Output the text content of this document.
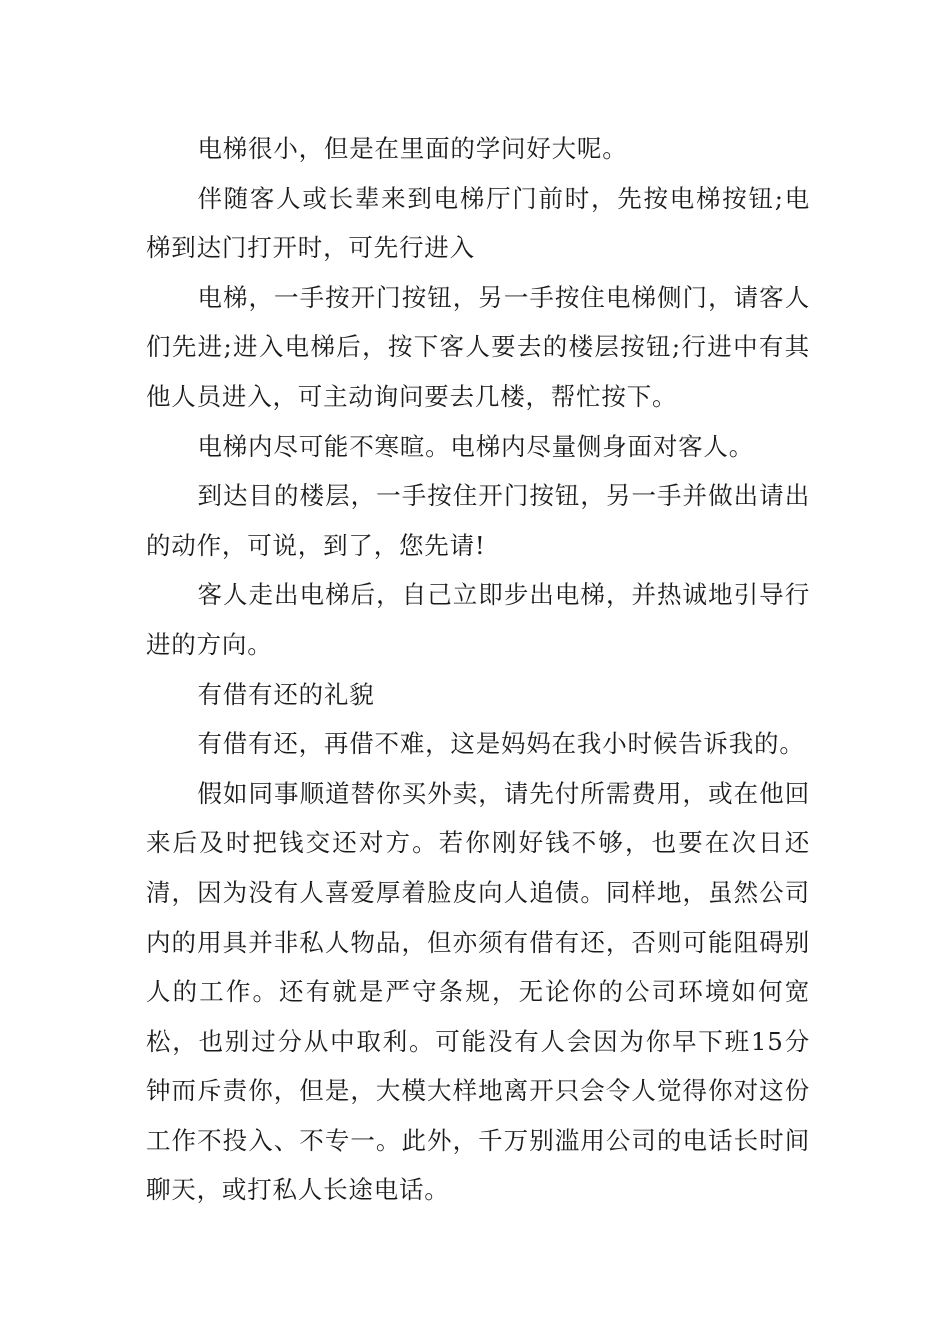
电梯很小，但是在里面的学问好大呢。

伴随客人或长辈来到电梯厅门前时，先按电梯按钮;电梯到达门打开时，可先行进入

电梯，一手按开门按钮，另一手按住电梯侧门，请客人们先进;进入电梯后，按下客人要去的楼层按钮;行进中有其他人员进入，可主动询问要去几楼，帮忙按下。

电梯内尽可能不寒暄。电梯内尽量侧身面对客人。

到达目的楼层，一手按住开门按钮，另一手并做出请出的动作，可说，到了，您先请!

客人走出电梯后，自己立即步出电梯，并热诚地引导行进的方向。

有借有还的礼貌

有借有还，再借不难，这是妈妈在我小时候告诉我的。

假如同事顺道替你买外卖，请先付所需费用，或在他回来后及时把钱交还对方。若你刚好钱不够，也要在次日还清，因为没有人喜爱厚着脸皮向人追债。同样地，虽然公司内的用具并非私人物品，但亦须有借有还，否则可能阻碍别人的工作。还有就是严守条规，无论你的公司环境如何宽松，也别过分从中取利。可能没有人会因为你早下班15分钟而斥责你，但是，大模大样地离开只会令人觉得你对这份工作不投入、不专一。此外，千万别滥用公司的电话长时间聊天，或打私人长途电话。
